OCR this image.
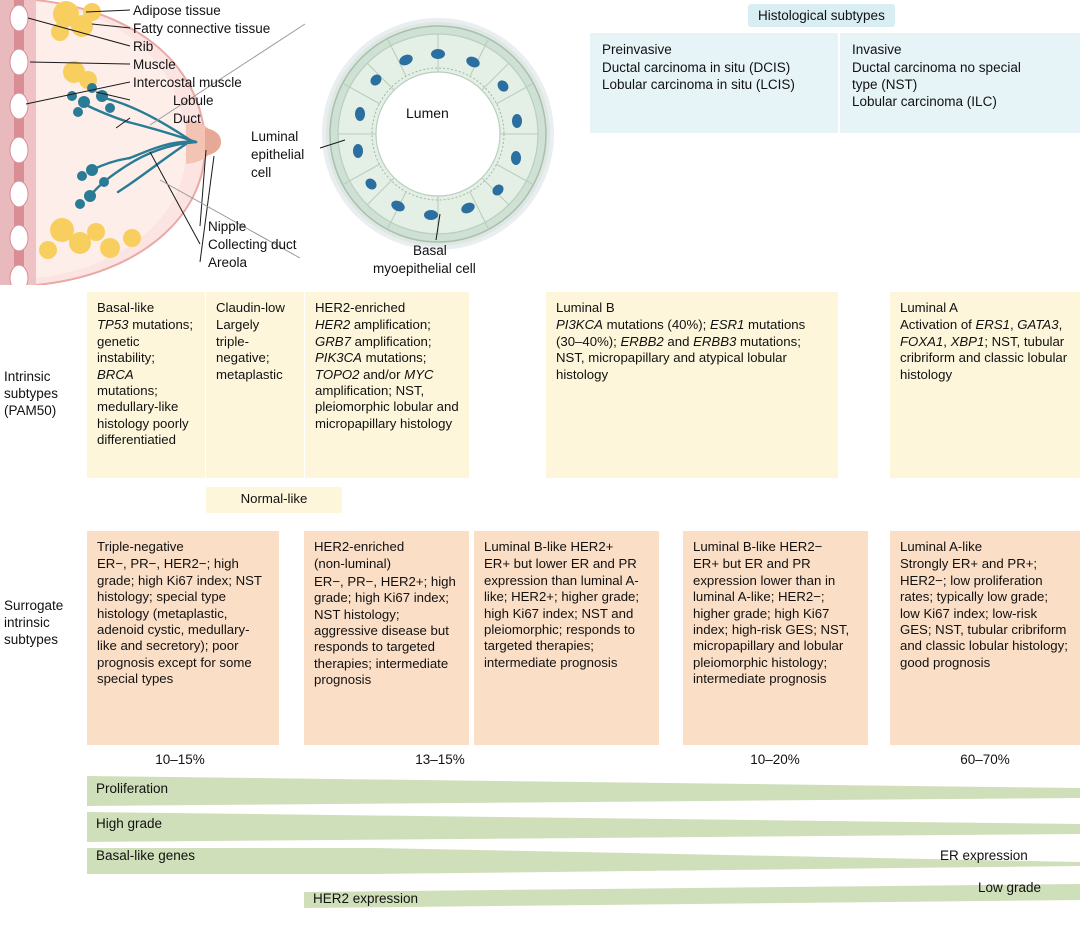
Adipose tissue
Fatty connective tissue
Rib
Muscle
Intercostal muscle
Lobule
Duct
Nipple
Collecting duct
Areola
Lumen
Luminal
epithelial
cell
Basal
myoepithelial cell
Histological subtypes
Preinvasive
Ductal carcinoma in situ (DCIS)
Lobular carcinoma in situ (LCIS)
Invasive
Ductal carcinoma no special
type (NST)
Lobular carcinoma (ILC)
Intrinsic
subtypes
(PAM50)
Surrogate
intrinsic
subtypes
Basal-like
TP53 mutations; genetic instability; BRCA mutations; medullary-like histology poorly differentiatied
Claudin-low
Largely triple-negative; metaplastic
HER2-enriched
HER2 amplification; GRB7 amplification; PIK3CA mutations; TOPO2 and/or MYC amplification; NST, pleiomorphic lobular and micropapillary histology
Luminal B
PI3KCA mutations (40%); ESR1 mutations (30–40%); ERBB2 and ERBB3 mutations; NST, micropapillary and atypical lobular histology
Luminal A
Activation of ERS1, GATA3, FOXA1, XBP1; NST, tubular cribriform and classic lobular histology
Normal-like
Triple-negative
ER−, PR−, HER2−; high grade; high Ki67 index; NST histology; special type histology (metaplastic, adenoid cystic, medullary-like and secretory); poor prognosis except for some special types
HER2-enriched
(non-luminal)
ER−, PR−, HER2+; high grade; high Ki67 index; NST histology; aggressive disease but responds to targeted therapies; intermediate prognosis
Luminal B-like HER2+
ER+ but lower ER and PR expression than luminal A-like; HER2+; higher grade; high Ki67 index; NST and pleiomorphic; responds to targeted therapies; intermediate prognosis
Luminal B-like HER2−
ER+ but ER and PR expression lower than in luminal A-like; HER2−; higher grade; high Ki67 index; high-risk GES; NST, micropapillary and lobular pleiomorphic histology; intermediate prognosis
Luminal A-like
Strongly ER+ and PR+; HER2−; low proliferation rates; typically low grade; low Ki67 index; low-risk GES; NST, tubular cribriform and classic lobular histology; good prognosis
10–15%	13–15%	10–20%	60–70%
Proliferation
High grade
Basal-like genes	ER expression
HER2 expression
Low grade
